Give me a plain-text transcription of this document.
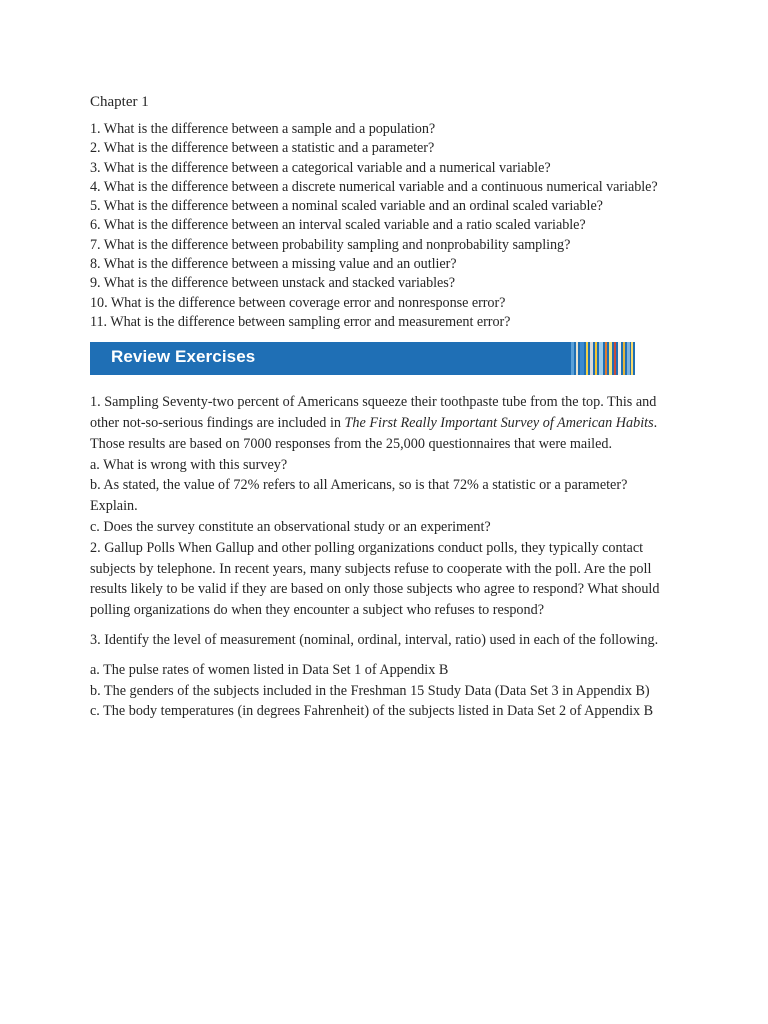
Chapter 1
1. What is the difference between a sample and a population?
2. What is the difference between a statistic and a parameter?
3. What is the difference between a categorical variable and a numerical variable?
4. What is the difference between a discrete numerical variable and a continuous numerical variable?
5. What is the difference between a nominal scaled variable and an ordinal scaled variable?
6. What is the difference between an interval scaled variable and a ratio scaled variable?
7. What is the difference between probability sampling and nonprobability sampling?
8. What is the difference between a missing value and an outlier?
9. What is the difference between unstack and stacked variables?
10. What is the difference between coverage error and nonresponse error?
11. What is the difference between sampling error and measurement error?
Review Exercises

1. Sampling Seventy-two percent of Americans squeeze their toothpaste tube from the top. This and other not-so-serious findings are included in The First Really Important Survey of American Habits. Those results are based on 7000 responses from the 25,000 questionnaires that were mailed.

a. What is wrong with this survey?

b. As stated, the value of 72% refers to all Americans, so is that 72% a statistic or a parameter?

Explain.

c. Does the survey constitute an observational study or an experiment?

2. Gallup Polls When Gallup and other polling organizations conduct polls, they typically contact subjects by telephone. In recent years, many subjects refuse to cooperate with the poll. Are the poll results likely to be valid if they are based on only those subjects who agree to respond? What should polling organizations do when they encounter a subject who refuses to respond?

3. Identify the level of measurement (nominal, ordinal, interval, ratio) used in each of the following.

a. The pulse rates of women listed in Data Set 1 of Appendix B

b. The genders of the subjects included in the Freshman 15 Study Data (Data Set 3 in Appendix B)

c. The body temperatures (in degrees Fahrenheit) of the subjects listed in Data Set 2 of Appendix B
